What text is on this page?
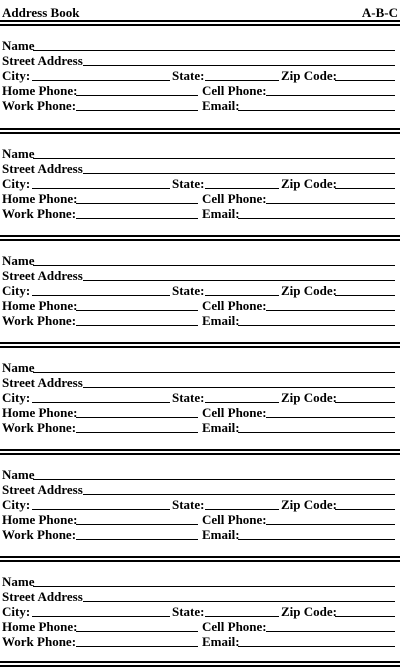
Address Book	A-B-C
Name
Street Address
City:	State:	Zip Code:
Home Phone:	Cell Phone:
Work Phone:	Email:
Name
Street Address
City:	State:	Zip Code:
Home Phone:	Cell Phone:
Work Phone:	Email:
Name
Street Address
City:	State:	Zip Code:
Home Phone:	Cell Phone:
Work Phone:	Email:
Name
Street Address
City:	State:	Zip Code:
Home Phone:	Cell Phone:
Work Phone:	Email:
Name
Street Address
City:	State:	Zip Code:
Home Phone:	Cell Phone:
Work Phone:	Email:
Name
Street Address
City:	State:	Zip Code:
Home Phone:	Cell Phone:
Work Phone:	Email:
